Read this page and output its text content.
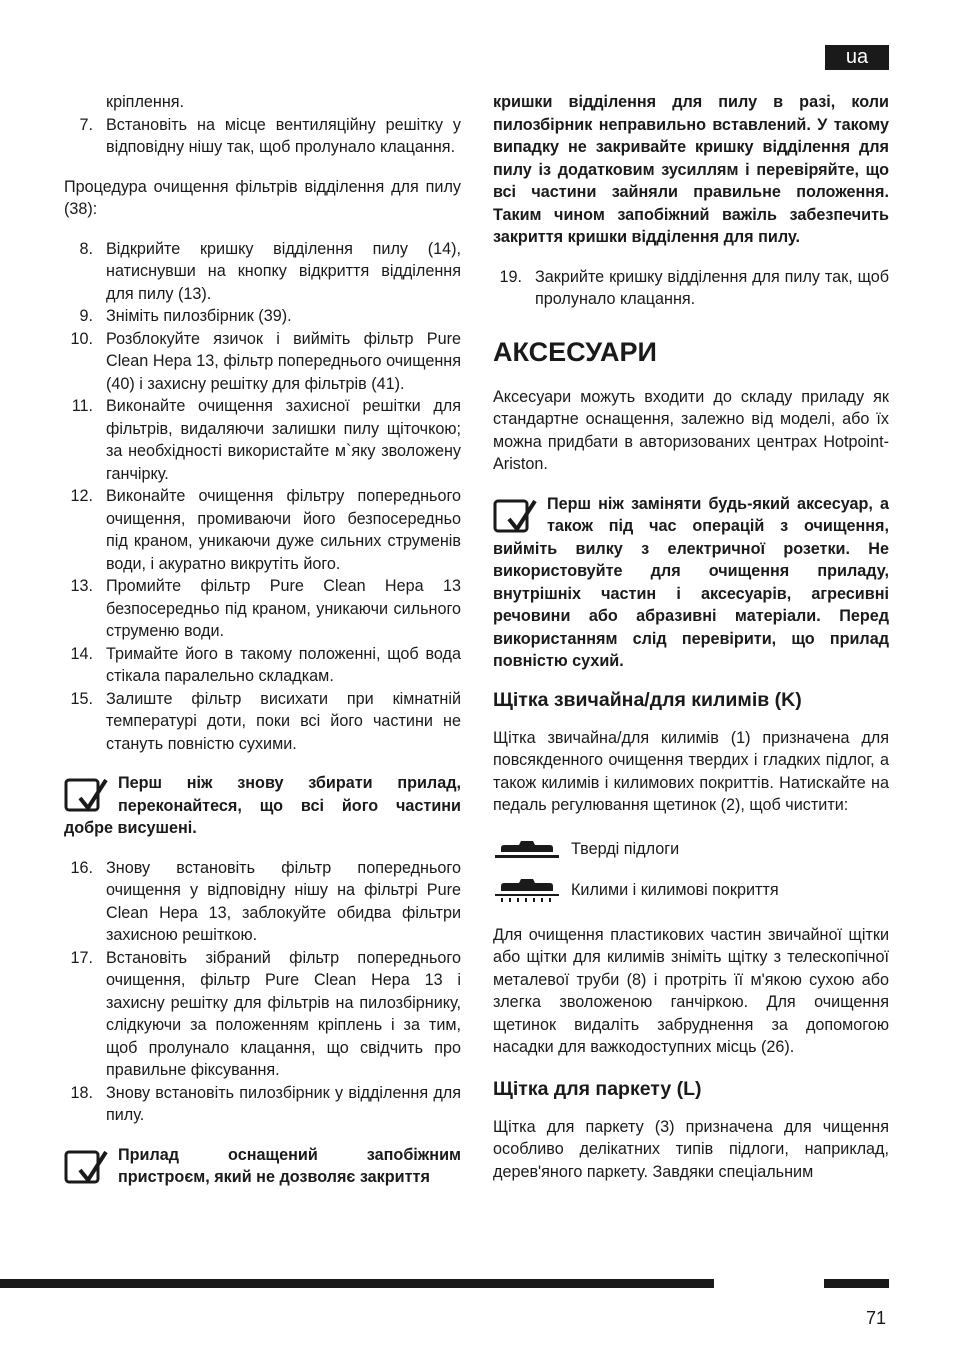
ua
кріплення.
7. Встановіть на місце вентиляційну решітку у відповідну нішу так, щоб пролунало клацання.

Процедура очищення фільтрів відділення для пилу (38):

8. Відкрийте кришку відділення пилу (14), натиснувши на кнопку відкриття відділення для пилу (13).
9. Зніміть пилозбірник (39).
10. Розблокуйте язичок і вийміть фільтр Pure Clean Hepa 13, фільтр попереднього очищення (40) і захисну решітку для фільтрів (41).
11. Виконайте очищення захисної решітки для фільтрів, видаляючи залишки пилу щіточкою; за необхідності використайте м`яку зволожену ганчірку.
12. Виконайте очищення фільтру попереднього очищення, промиваючи його безпосередньо під краном, уникаючи дуже сильних струменів води, і акуратно викрутіть його.
13. Промийте фільтр Pure Clean Hepa 13 безпосередньо під краном, уникаючи сильного струменю води.
14. Тримайте його в такому положенні, щоб вода стікала паралельно складкам.
15. Залиште фільтр висихати при кімнатній температурі доти, поки всі його частини не стануть повністю сухими.
Перш ніж знову збирати прилад, переконайтеся, що всі його частини добре висушені.
16. Знову встановіть фільтр попереднього очищення у відповідну нішу на фільтрі Pure Clean Hepa 13, заблокуйте обидва фільтри захисною решіткою.
17. Встановіть зібраний фільтр попереднього очищення, фільтр Pure Clean Hepa 13 і захисну решітку для фільтрів на пилозбірнику, слідкуючи за положенням кріплень і за тим, щоб пролунало клацання, що свідчить про правильне фіксування.
18. Знову встановіть пилозбірник у відділення для пилу.
Прилад оснащений запобіжним пристроєм, який не дозволяє закриття

кришки відділення для пилу в разі, коли пилозбірник неправильно вставлений. У такому випадку не закривайте кришку відділення для пилу із додатковим зусиллям і перевіряйте, що всі частини зайняли правильне положення. Таким чином запобіжний важіль забезпечить закриття кришки відділення для пилу.

19. Закрийте кришку відділення для пилу так, щоб пролунало клацання.
АКСЕСУАРИ

Аксесуари можуть входити до складу приладу як стандартне оснащення, залежно від моделі, або їх можна придбати в авторизованих центрах Hotpoint-Ariston.

Перш ніж заміняти будь-який аксесуар, а також під час операцій з очищення, вийміть вилку з електричної розетки. Не використовуйте для очищення приладу, внутрішніх частин і аксесуарів, агресивні речовини або абразивні матеріали. Перед використанням слід перевірити, що прилад повністю сухий.
Щітка звичайна/для килимів (K)

Щітка звичайна/для килимів (1) призначена для повсякденного очищення твердих і гладких підлог, а також килимів і килимових покриттів. Натискайте на педаль регулювання щетинок (2), щоб чистити:

Тверді підлоги
Килими і килимові покриття

Для очищення пластикових частин звичайної щітки або щітки для килимів зніміть щітку з телескопічної металевої труби (8) і протріть її м'якою сухою або злегка зволоженою ганчіркою. Для очищення щетинок видаліть забруднення за допомогою насадки для важкодоступних місць (26).

Щітка для паркету (L)

Щітка для паркету (3) призначена для чищення особливо делікатних типів підлоги, наприклад, дерев'яного паркету. Завдяки спеціальним

71
